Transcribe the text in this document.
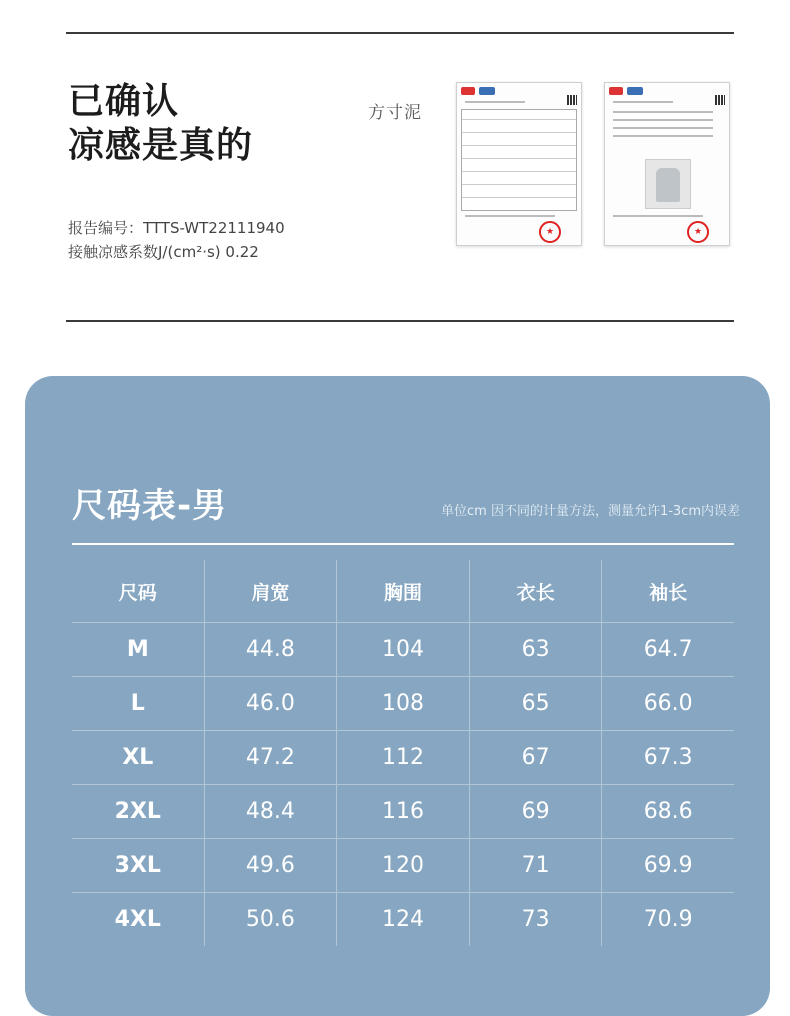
已确认
凉感是真的
方寸泥
报告编号：TTTS-WT22111940
接触凉感系数J/(cm²·s) 0.22
★	★
尺码表-男	单位cm 因不同的计量方法，测量允许1-3cm内误差
尺码	肩宽	胸围	衣长	袖长
M	44.8	104	63	64.7
L	46.0	108	65	66.0
XL	47.2	112	67	67.3
2XL	48.4	116	69	68.6
3XL	49.6	120	71	69.9
4XL	50.6	124	73	70.9
